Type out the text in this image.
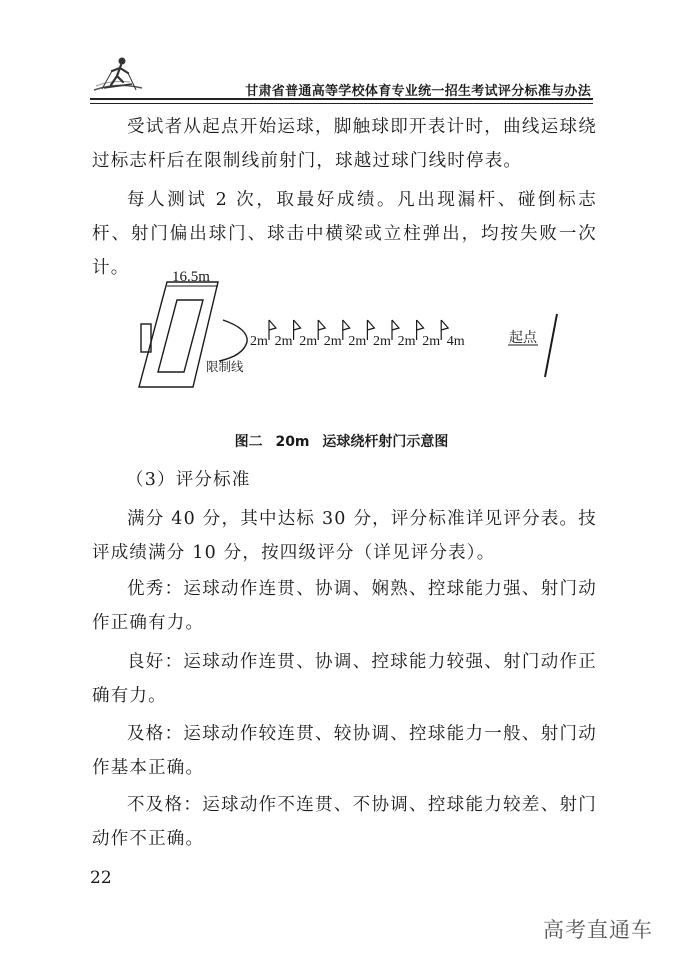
甘肃省普通高等学校体育专业统一招生考试评分标准与办法

受试者从起点开始运球，脚触球即开表计时，曲线运球绕过标志杆后在限制线前射门，球越过球门线时停表。

每人测试 2 次，取最好成绩。凡出现漏杆、碰倒标志杆、射门偏出球门、球击中横梁或立柱弹出，均按失败一次计。	16.5m
限制线
2m 2m 2m 2m 2m 2m 2m 2m 4m	起点
图二 20m 运球绕杆射门示意图
（3）评分标准

满分 40 分，其中达标 30 分，评分标准详见评分表。技评成绩满分 10 分，按四级评分（详见评分表）。

优秀：运球动作连贯、协调、娴熟、控球能力强、射门动作正确有力。

良好：运球动作连贯、协调、控球能力较强、射门动作正确有力。

及格：运球动作较连贯、较协调、控球能力一般、射门动作基本正确。

不及格：运球动作不连贯、不协调、控球能力较差、射门动作不正确。

22
高考直通车
